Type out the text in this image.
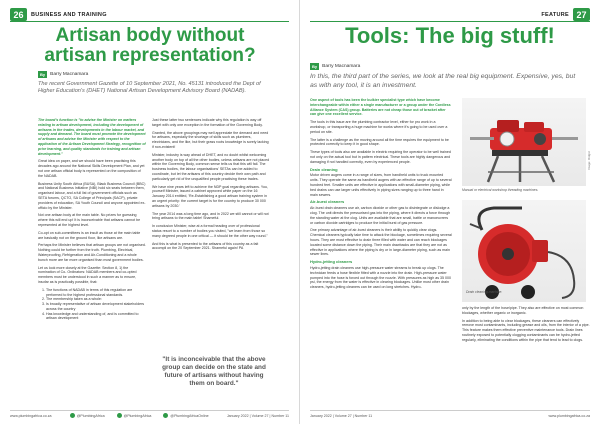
26	BUSINESS AND TRAINING
Artisan body without artisan representation?
By	Barry Macnamara
The recent Government Gazette of 10 September 2021, No. 45131 introduced the Dept of Higher Education's (DHET) National Artisan Development Advisory Board (NADAB).

The board's function is "to advise the Minister on matters relating to artisan development, including the development of artisans in the trades, developments in the labour market, and supply and demand. The board must promote the development of artisans and advise the Minister with respect to the application of the Artisan Development Strategy, recognition of prior learning, and quality standards for training and artisan development."

Great idea on paper, and we should have been practising this decades ago around the National Skills Development Plan, and yet not one artisan official body is represented on the composition of the NADAB.

Business Unity South Africa (BUSA), Black Business Council (BBC) and National Business Initiative (NBI) hold six seats between them, organised labour, and a full list of government officials such as SETA forums, QCTO, SA College of Principals (SACP), private providers of education, SA Youth Council and anyone appointed ex-officio by the Minister.

Not one artisan body at the main table. No prizes for guessing where this will end up! It is inconceivable that artisans cannot be represented at the highest level.

Co-opt on sub-committees is an insult as those at the main table are basically not on the ground floor, like artisans are.

Perhaps the Minister believes that artisan groups are not organised. Nothing could be further from the truth. Plumbing, Electrical, Waterproofing, Refrigeration and Air-Conditioning and a whole bunch more are far more organised than most government bodies.

Let us look more closely at the Gazette: Section 8, 1) the nomination of Co- Ordinators: NADAB members and co-opted members must be understood in such a manner as to ensure, insofar as is practically possible, that:

1. The functions of NADAB in terms of this regulation are performed to the highest professional standards.
2. The membership taken as a whole:
3. Is broadly representative of artisan development stakeholders across the country
4. Has knowledge and understanding of, and is committed to artisan development

Just these latter two sentences indicate why this regulation is way off target with only one exception in the formation of the Governing Body.

Granted, the above groupings may well appreciate the demand and need for artisans, especially the shortage of skills such as plumbers, electricians, and the like, but their grass roots knowledge is sorely lacking if non-existent!

Minister, industry is way ahead of DHET, and no doubt whilst welcoming another body on top of all the other bodies, unless artisans are not placed within the Governing Body, common sense tells us that this will fail. The business bodies, the labour organisations' SETAs can be added to coordinate, but let the artisans of this country decide their own path and particularly get rid of the unqualified people practising these trades.

We have nine years left to achieve the NDP goal regarding artisans. You, yourself Minister, issued a cabinet approved white paper on the 16 January 2014 entitled, 'Re-Establishing a good artisan training system in an urgent priority: the current target is for the country to produce 30 000 artisans by 2030.'

The year 2014 was a long time ago, and in 2022 we still cannot or will not bring artisans to the main table! Shameful.

In conclusion Minister, wise at a formal heading over of professional status resort to a number of bodies you visited, "we learn from those so many degreed people in one critical — it should be the other way round."

And this is what is presented to the artisans of this country as a fait accompli on the 20 September 2021. Shameful again! PA

"It is inconceivable that the above group can decide on the state and future of artisans without having them on board."
www.plumbingafrica.co.za	@PlumbingAfrica	@PlumbingAfrica	@PlumbingAfricaOnline	January 2022 | Volume 27 | Number 11
FEATURE 27
Tools: The big stuff!
By	Barry Macnamara
In this, the third part of the series, we look at the real big equipment. Expensive, yes, but as with any tool, it is an investment.

One aspect of tools has been the bulkier specialist type which have become interchangeable within either a single manufacturer or a group under the Cordless Alliance System (CAS) group. Batteries are not cheap those out of bracket after can give one excellent service.

The tools in this issue are the plumbing contractor level, either for pro work in a workshop, or transporting a huge machine for works where it's going to be used over a period on site.

The latter is a challenge as the moving around all the time requires the equipment to be protected correctly to keep it in good shape.

These types of tools also are available in electric requiring the operator to be well trained not only on the actual tool but in pattern electrical. These tools are highly dangerous and damaging if not handled correctly, even by experienced people.

Drain cleaning

Motor driven augers come in a range of sizes, from handheld units to truck mounted units. They operate the same as handheld augers with an effective range of up to several hundred feet. Smaller units are effective in applications with small-diameter piping, while bed drains can use larger units effectively in piping sizes ranging up to three hand in main sewers.

Air-burst cleaners

Air-burst drain cleaners use air, carbon dioxide or other gas to disintegrate or dislodge a clog. The unit directs the pressurised gas into the piping, where it directs a force through the standing water at the clog. Units are available that are small, battle or manoeuvrers or carbon dioxide cartridges to produce the initial burst of gas pressure.

One primary advantage of air-burst cleaners is their ability to quickly clear clogs. Chemical cleaners typically take time to attack the blockage, sometimes requiring several hours. They are most effective to drain three filled with water and can reach blockages located some distance down the piping. Their main drawbacks are that they are not as effective in applications where the piping is dry or in large-diameter piping, such as main sewer lines.

Hydro-jetting cleaners

Hydro-jetting drain cleaners use high-pressure water streams to break up clogs. The technician feeds a hose flexible fitted with a nozzle into the drain. High-pressure water pumped into the hose is forced out through the nozzle. With pressures as high as 35 000 psi, the energy from the water is effective in clearing blockages. Unlike most other drain cleaners, hydro-jetting cleaners can be used on long stretches. Hydro-

Manual or electrical workshop threading machines.
Image: Ridgid
Drain cleaning machine.

only by the length of the hose/pipe. They also are effective on most common blockages, whether organic or inorganic.

In addition to being able to clear blockages, these cleaners can effectively remove most contaminants, including grease and oils, from the interior of a pipe. This feature makes them effective preventive maintenance tools. Drain lines routinely exposed to potentially clogging contaminants can be hydro-jetted regularly, eliminating the conditions within the pipe that tend to lead to clogs.

January 2022 | Volume 27 | Number 11	www.plumbingafrica.co.za
